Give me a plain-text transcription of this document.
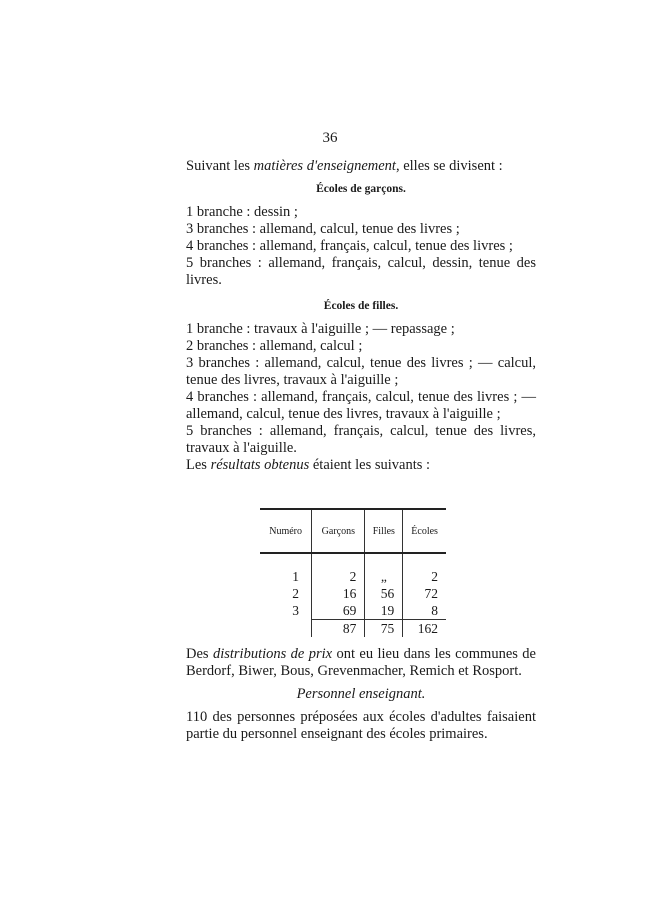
36

Suivant les matières d'enseignement, elles se divisent :

Écoles de garçons.

1 branche : dessin ;

3 branches : allemand, calcul, tenue des livres ;

4 branches : allemand, français, calcul, tenue des livres ;

5 branches : allemand, français, calcul, dessin, tenue des livres.

Écoles de filles.

1 branche : travaux à l'aiguille ; — repassage ;

2 branches : allemand, calcul ;

3 branches : allemand, calcul, tenue des livres ; — calcul, tenue des livres, travaux à l'aiguille ;

4 branches : allemand, français, calcul, tenue des livres ; — allemand, calcul, tenue des livres, travaux à l'aiguille ;

5 branches : allemand, français, calcul, tenue des livres, travaux à l'aiguille.

Les résultats obtenus étaient les suivants :

Numéro	Garçons	Filles	Écoles

1	2	„	2
2	16	56	72
3	69	19	8
	87	75	162

Des distributions de prix ont eu lieu dans les communes de Berdorf, Biwer, Bous, Grevenmacher, Remich et Rosport.

Personnel enseignant.

110 des personnes préposées aux écoles d'adultes faisaient partie du personnel enseignant des écoles primaires.
